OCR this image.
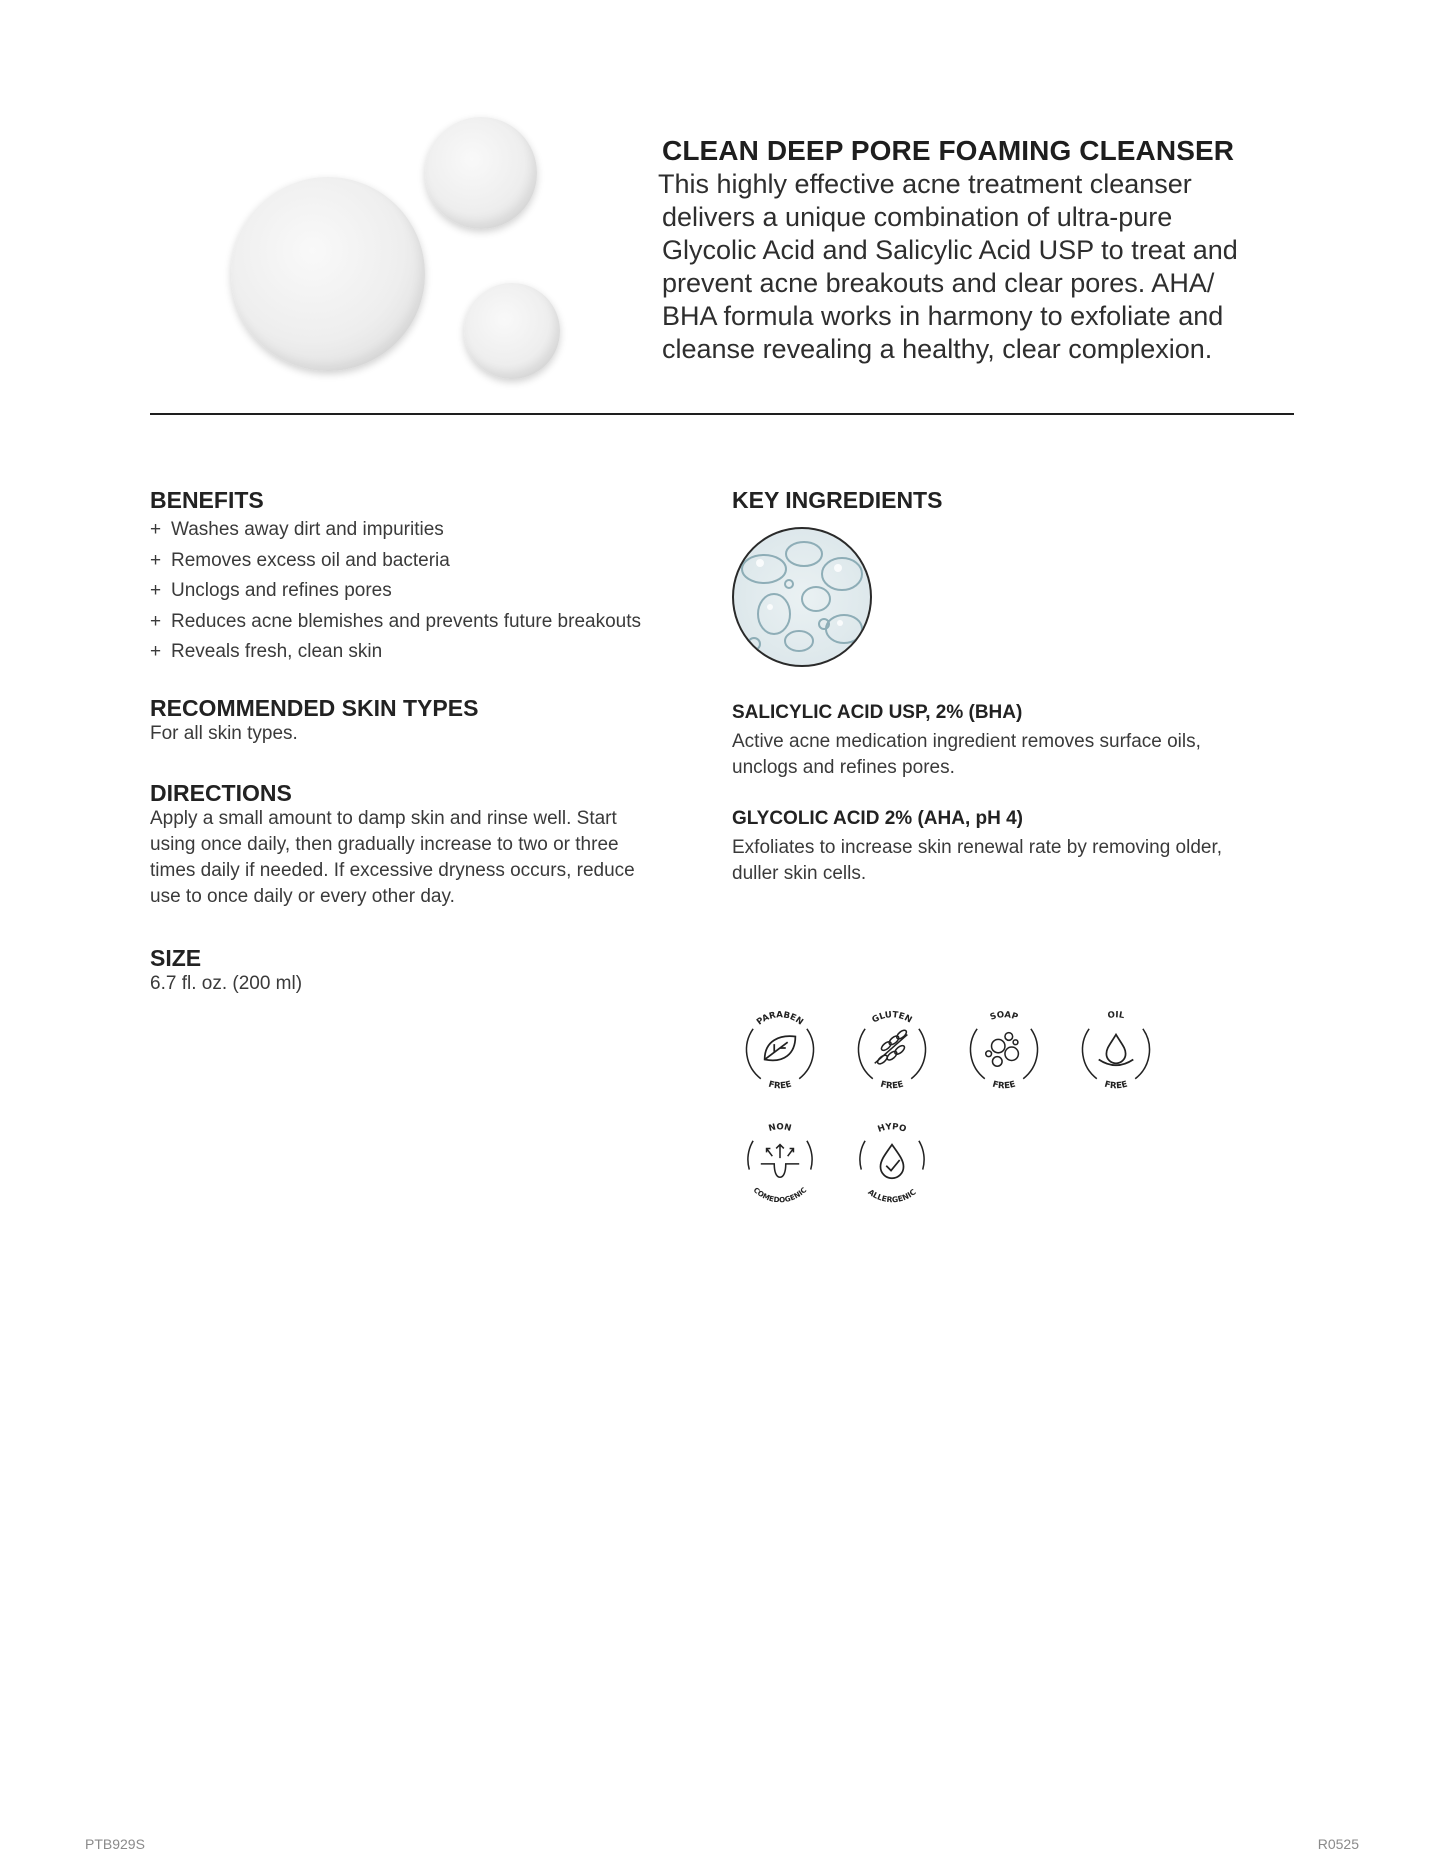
CLEAN DEEP PORE FOAMING CLEANSER

This highly effective acne treatment cleanser
delivers a unique combination of ultra-pure
Glycolic Acid and Salicylic Acid USP to treat and
prevent acne breakouts and clear pores. AHA/
BHA formula works in harmony to exfoliate and
cleanse revealing a healthy, clear complexion.

BENEFITS
+ Washes away dirt and impurities
+ Removes excess oil and bacteria
+ Unclogs and refines pores
+ Reduces acne blemishes and prevents future breakouts
+ Reveals fresh, clean skin
RECOMMENDED SKIN TYPES
For all skin types.
DIRECTIONS
Apply a small amount to damp skin and rinse well. Start
using once daily, then gradually increase to two or three
times daily if needed. If excessive dryness occurs, reduce
use to once daily or every other day.
SIZE
6.7 fl. oz. (200 ml)
KEY INGREDIENTS
SALICYLIC ACID USP, 2% (BHA)
Active acne medication ingredient removes surface oils,
unclogs and refines pores.
GLYCOLIC ACID 2% (AHA, pH 4)
Exfoliates to increase skin renewal rate by removing older,
duller skin cells.
PARABEN
FREE
GLUTEN
FREE
SOAP
FREE
OIL
FREE
NON
COMEDOGENIC
HYPO
ALLERGENIC
PTB929S	R0525
